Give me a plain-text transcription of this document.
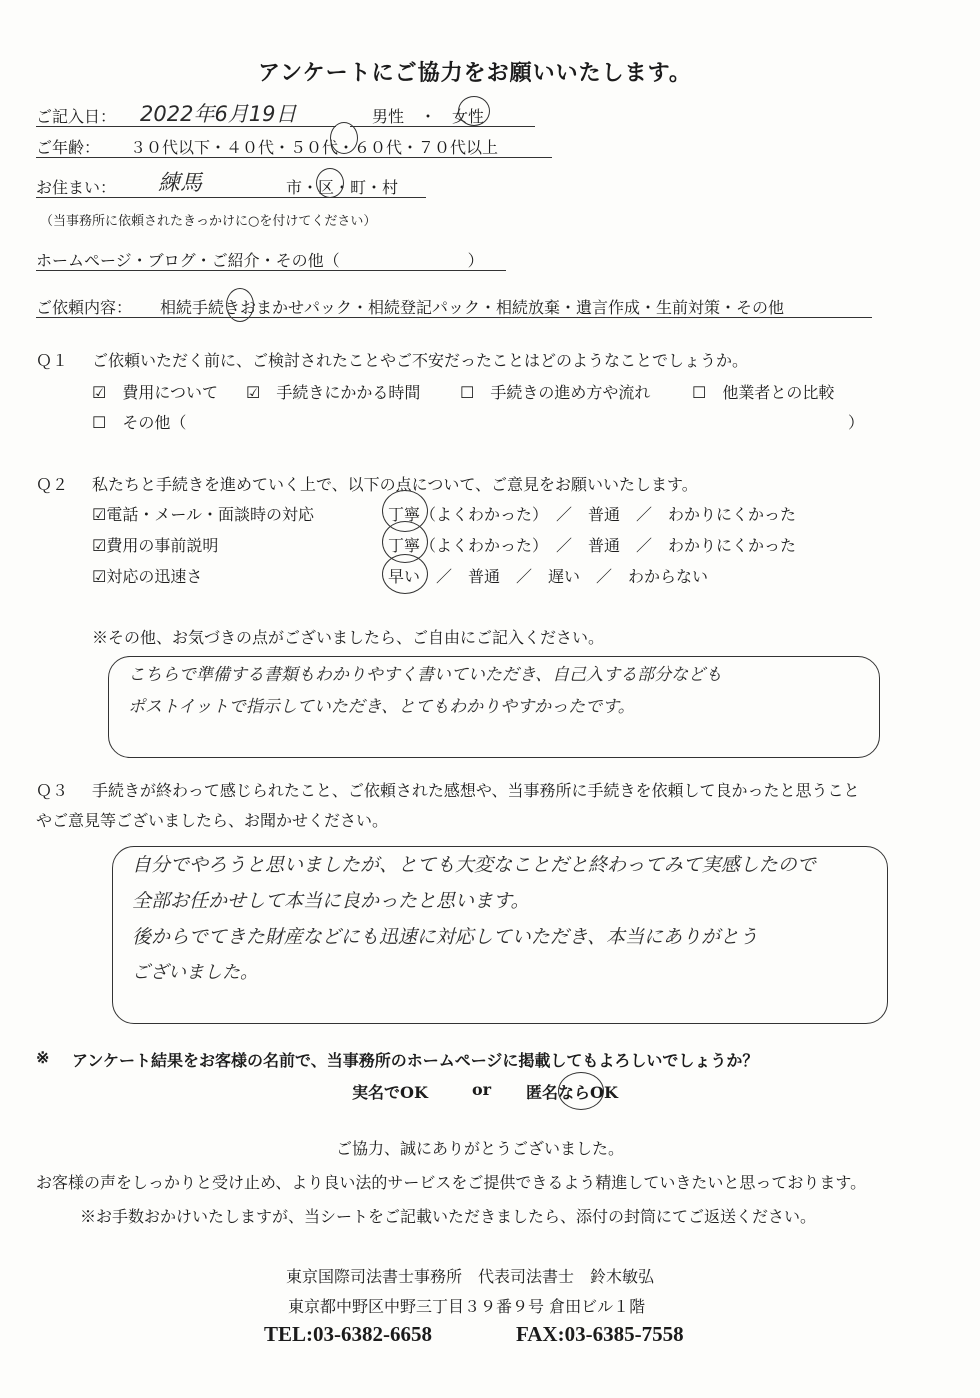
アンケートにご協力をお願いいたします。
ご記入日： 2022年6月19日	男性　・　女性
ご年齢： ３０代以下・４０代・５０代・６０代・７０代以上
お住まい： 練馬	市・区・町・村
（当事務所に依頼されたきっかけに○を付けてください）
ホームページ・ブログ・ご紹介・その他（　　　　　　　　）
ご依頼内容： 相続手続きおまかせパック・相続登記パック・相続放棄・遺言作成・生前対策・その他
Ｑ１ ご依頼いただく前に、ご検討されたことやご不安だったことはどのようなことでしょうか。
☑　費用について ☑　手続きにかかる時間 ☐　手続きの進め方や流れ	☐　他業者との比較
☐　その他（	）
Ｑ２ 私たちと手続きを進めていく上で、以下の点について、ご意見をお願いいたします。
☑電話・メール・面談時の対応	丁寧（よくわかった）　／　普通　／　わかりにくかった
☑費用の事前説明	丁寧（よくわかった）　／　普通　／　わかりにくかった
☑対応の迅速さ	早い　／　普通　／　遅い　／　わからない
※その他、お気づきの点がございましたら、ご自由にご記入ください。
こちらで準備する書類もわかりやすく書いていただき、自己入する部分なども
ポストイットで指示していただき、とてもわかりやすかったです。
Ｑ３ 手続きが終わって感じられたこと、ご依頼された感想や、当事務所に手続きを依頼して良かったと思うこと
やご意見等ございましたら、お聞かせください。
自分でやろうと思いましたが、とても大変なことだと終わってみて実感したので
全部お任かせして本当に良かったと思います。
後からでてきた財産などにも迅速に対応していただき、本当にありがとう
ございました。
※ アンケート結果をお客様の名前で、当事務所のホームページに掲載してもよろしいでしょうか？
実名でOK	or 匿名ならOK
ご協力、誠にありがとうございました。
お客様の声をしっかりと受け止め、より良い法的サービスをご提供できるよう精進していきたいと思っております。
※お手数おかけいたしますが、当シートをご記載いただきましたら、添付の封筒にてご返送ください。
東京国際司法書士事務所　代表司法書士　鈴木敏弘
東京都中野区中野三丁目３９番９号 倉田ビル１階
TEL:03-6382-6658	FAX:03-6385-7558
